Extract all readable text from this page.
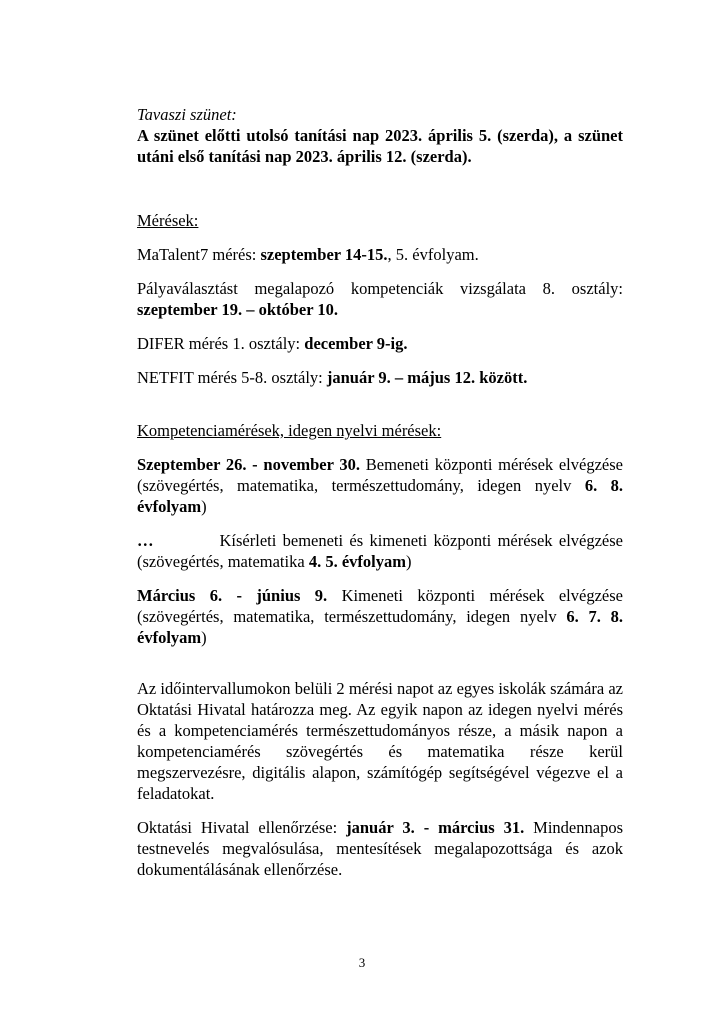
Tavaszi szünet:

A szünet előtti utolsó tanítási nap 2023. április 5. (szerda), a szünet utáni első tanítási nap 2023. április 12. (szerda).

Mérések:

MaTalent7 mérés: szeptember 14-15., 5. évfolyam.

Pályaválasztást megalapozó kompetenciák vizsgálata 8. osztály: szeptember 19. – október 10.

DIFER mérés 1. osztály: december 9-ig.

NETFIT mérés 5-8. osztály: január 9. – május 12. között.

Kompetenciamérések, idegen nyelvi mérések:

Szeptember 26. - november 30. Bemeneti központi mérések elvégzése (szövegértés, matematika, természettudomány, idegen nyelv 6. 8. évfolyam)

…	Kísérleti bemeneti és kimeneti központi mérések elvégzése (szövegértés, matematika 4. 5. évfolyam)

Március 6. - június 9. Kimeneti központi mérések elvégzése (szövegértés, matematika, természettudomány, idegen nyelv 6. 7. 8. évfolyam)

Az időintervallumokon belüli 2 mérési napot az egyes iskolák számára az Oktatási Hivatal határozza meg. Az egyik napon az idegen nyelvi mérés és a kompetenciamérés természettudományos része, a másik napon a kompetenciamérés szövegértés és matematika része kerül megszervezésre, digitális alapon, számítógép segítségével végezve el a feladatokat.

Oktatási Hivatal ellenőrzése: január 3. - március 31. Mindennapos testnevelés megvalósulása, mentesítések megalapozottsága és azok dokumentálásának ellenőrzése.

3
